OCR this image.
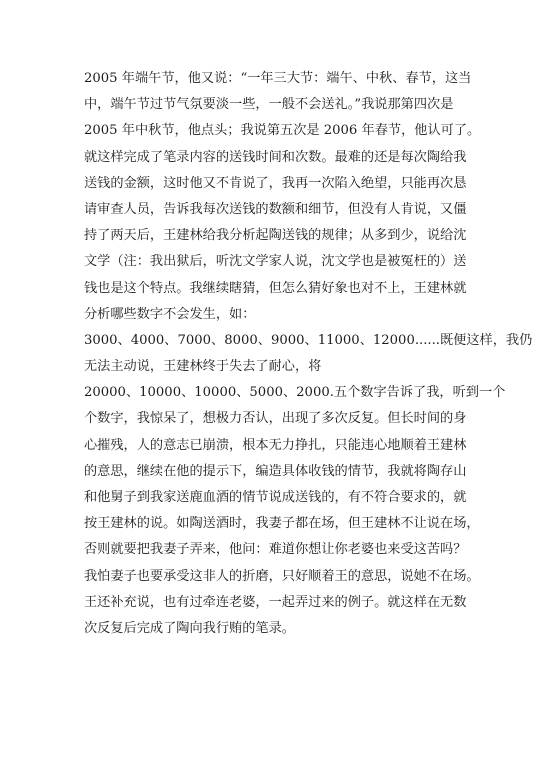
2005 年端午节，他又说：“一年三大节：端午、中秋、春节，这当
中，端午节过节气氛要淡一些，一般不会送礼。”我说那第四次是
2005 年中秋节，他点头；我说第五次是 2006 年春节，他认可了。
就这样完成了笔录内容的送钱时间和次数。最难的还是每次陶给我
送钱的金额，这时他又不肯说了，我再一次陷入绝望，只能再次恳
请审查人员，告诉我每次送钱的数额和细节，但没有人肯说，又僵
持了两天后，王建林给我分析起陶送钱的规律；从多到少，说给沈
文学（注：我出狱后，听沈文学家人说，沈文学也是被冤枉的）送
钱也是这个特点。我继续瞎猜，但怎么猜好象也对不上，王建林就
分析哪些数字不会发生，如：
3000、4000、7000、8000、9000、11000、12000......既便这样，我仍
无法主动说，王建林终于失去了耐心，将
20000、10000、10000、5000、2000.五个数字告诉了我，听到一个
个数字，我惊呆了，想极力否认，出现了多次反复。但长时间的身
心摧残，人的意志已崩溃，根本无力挣扎，只能违心地顺着王建林
的意思，继续在他的提示下，编造具体收钱的情节，我就将陶存山
和他舅子到我家送鹿血酒的情节说成送钱的，有不符合要求的，就
按王建林的说。如陶送酒时，我妻子都在场，但王建林不让说在场，
否则就要把我妻子弄来，他问：难道你想让你老婆也来受这苦吗？
我怕妻子也要承受这非人的折磨，只好顺着王的意思，说她不在场。
王还补充说，也有过牵连老婆，一起弄过来的例子。就这样在无数
次反复后完成了陶向我行贿的笔录。
